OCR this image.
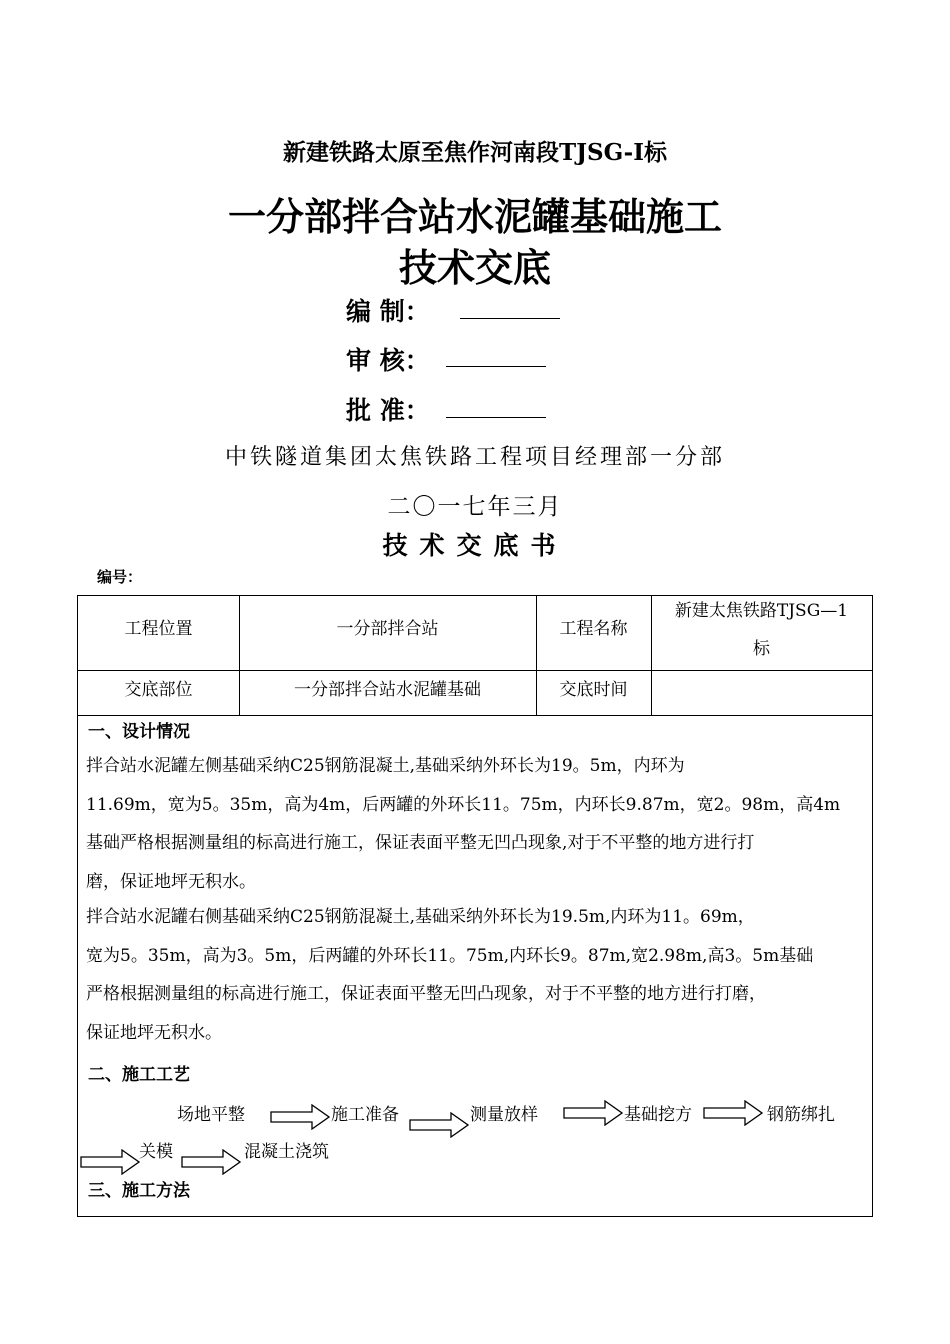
新建铁路太原至焦作河南段TJSG-I标
一分部拌合站水泥罐基础施工
技术交底
编 制：
审 核：
批 准：
中铁隧道集团太焦铁路工程项目经理部一分部
二〇一七年三月
技术交底书
编号：
工程位置	一分部拌合站	工程名称
新建太焦铁路TJSG—1
标
交底部位	一分部拌合站水泥罐基础	交底时间
一、设计情况
拌合站水泥罐左侧基础采纳C25钢筋混凝土,基础采纳外环长为19。5m，内环为
11.69m，宽为5。35m，高为4m，后两罐的外环长11。75m，内环长9.87m，宽2。98m，高4m
基础严格根据测量组的标高进行施工，保证表面平整无凹凸现象,对于不平整的地方进行打
磨，保证地坪无积水。
拌合站水泥罐右侧基础采纳C25钢筋混凝土,基础采纳外环长为19.5m,内环为11。69m，
宽为5。35m，高为3。5m，后两罐的外环长11。75m,内环长9。87m,宽2.98m,高3。5m基础
严格根据测量组的标高进行施工，保证表面平整无凹凸现象，对于不平整的地方进行打磨，
保证地坪无积水。
二、施工工艺
场地平整	施工准备	测量放样	基础挖方	钢筋绑扎
关模	混凝土浇筑
三、施工方法
